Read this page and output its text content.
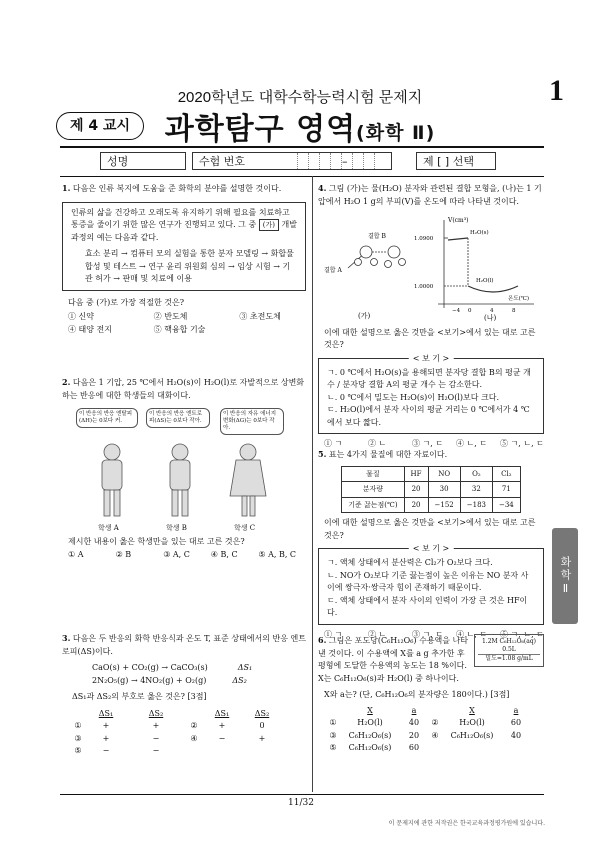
2020학년도 대학수학능력시험 문제지	1
제 4 교시	과학탐구 영역(화학 Ⅱ)
성명	수험 번호	–	제 [ ] 선택
1. 다음은 인류 복지에 도움을 준 화학의 분야를 설명한 것이다.
인류의 삶을 건강하고 오래도록 유지하기 위해 필요를 치료하고 통증을 줄이기 위한 많은 연구가 진행되고 있다. 그 중 (가) 개발 과정의 예는 다음과 같다.
효소 분리 → 컴퓨터 모의 실험을 통한 분자 모델링 → 화합물 합성 및 테스트 → 연구 윤리 위원회 심의 → 임상 시험 → 기관 허가 → 판매 및 치료에 이용
다음 중 (가)로 가장 적절한 것은?
① 신약	② 반도체	③ 초전도체
④ 태양 전지	⑤ 핵융합 기술
2. 다음은 1 기압, 25 ℃에서 H₂O(s)이 H₂O(l)로 자발적으로 상변화하는 반응에 대한 학생들의 대화이다.
이 반응의 반응 엔탈피(ΔH)는 0보다 커.
이 반응의 반응 엔트로피(ΔS)는 0보다 작아.
이 반응의 자유 에너지 변화(ΔG)는 0보다 작아.
학생 A	학생 B	학생 C
제시한 내용이 옳은 학생만을 있는 대로 고른 것은?
① A	② B	③ A, C	④ B, C	⑤ A, B, C
3. 다음은 두 반응의 화학 반응식과 온도 T, 표준 상태에서의 반응 엔트로피(ΔS)이다.
CaO(s) + CO₂(g) → CaCO₃(s)	ΔS₁
2N₂O₅(g) → 4NO₂(g) + O₂(g)	ΔS₂
ΔS₁과 ΔS₂의 부호로 옳은 것은? [3점]
ΔS₁	ΔS₂	ΔS₁	ΔS₂
①	+	+	②	+	0
③	+	−	④	−	+
⑤	−	−
4. 그림 (가)는 물(H₂O) 분자와 관련된 결합 모형을, (나)는 1 기압에서 H₂O 1 g의 부피(V)를 온도에 따라 나타낸 것이다.
결합 A
결합 B
(가)
V(cm³)
1.0900
1.0000
−4 0	4	8
온도(℃)
H₂O(s)
H₂O(l)
(나)
이에 대한 설명으로 옳은 것만을 <보기>에서 있는 대로 고른 것은?
< 보 기 >
ㄱ. 0 ℃에서 H₂O(s)을 용해되면 분자당 결합 B의 평균 개수 / 분자당 결합 A의 평균 개수 는 감소한다.
ㄴ. 0 ℃에서 밀도는 H₂O(s)이 H₂O(l)보다 크다.
ㄷ. H₂O(l)에서 분자 사이의 평균 거리는 0 ℃에서가 4 ℃에서 보다 짧다.
① ㄱ	② ㄴ	③ ㄱ, ㄷ	④ ㄴ, ㄷ	⑤ ㄱ, ㄴ, ㄷ
5. 표는 4가지 물질에 대한 자료이다.
물질	HF	NO	O₂	Cl₂
분자량	20	30	32	71
기준 끓는점(℃)	20	−152	−183	−34
이에 대한 설명으로 옳은 것만을 <보기>에서 있는 대로 고른 것은?
< 보 기 >
ㄱ. 액체 상태에서 분산력은 Cl₂가 O₂보다 크다.
ㄴ. NO가 O₂보다 기준 끓는점이 높은 이유는 NO 분자 사이에 쌍극자·쌍극자 힘이 존재하기 때문이다.
ㄷ. 액체 상태에서 분자 사이의 인력이 가장 큰 것은 HF이다.
① ㄱ	② ㄴ	③ ㄱ, ㄷ	④ ㄴ, ㄷ	⑤ ㄱ, ㄴ, ㄷ
6. 그림은 포도당(C₆H₁₂O₆) 수용액을 나타낸 것이다. 이 수용액에 X를 a g 추가한 후 평형에 도달한 수용액의 농도는 18 %이다. X는 C₆H₁₂O₆(s)과 H₂O(l) 중 하나이다.
1.2M C₆H₁₂O₆(aq)
0.5L
밀도=1.08 g/mL
X와 a는? (단, C₆H₁₂O₆의 분자량은 180이다.) [3점]
X	a	X	a
①	H₂O(l)	40	②	H₂O(l)	60
③	C₆H₁₂O₆(s)	20	④	C₆H₁₂O₆(s)	40
⑤	C₆H₁₂O₆(s)	60
화학Ⅱ
11/32
이 문제지에 관한 저작권은 한국교육과정평가원에 있습니다.
